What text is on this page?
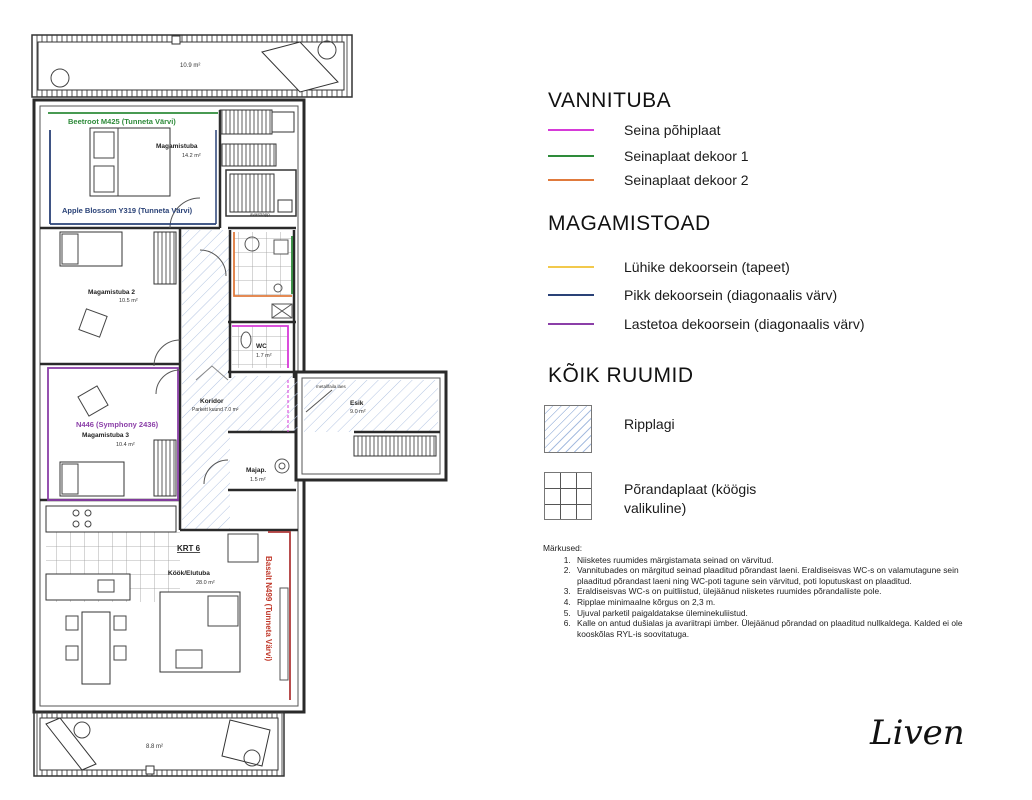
10.9 m²
Magamistuba
14.2 m²
Beetroot M425 (Tunneta Värvi)
Apple Blossom Y319 (Tunneta Värvi)	avastrapp
WC
1.7 m²
Magamistuba 2
10.5 m²
N446 (Symphony 2436)
Magamistuba 3
10.4 m²
Koridor
Parkett kuund 7.0 m²
metallfaila laes
Esik
9.0 m²
Majap.
1.5 m²
KRT 6
Köök/Elutuba
28.0 m²	Basalt N499 (Tunneta Värvi)
8.8 m²
VANNITUBA
Seina põhiplaat
Seinaplaat dekoor 1
Seinaplaat dekoor 2
MAGAMISTOAD
Lühike dekoorsein (tapeet)
Pikk dekoorsein (diagonaalis värv)
Lastetoa dekoorsein (diagonaalis värv)
KÕIK RUUMID
Ripplagi
Põrandaplaat (köögis valikuline)
Märkused:
1. Niisketes ruumides märgistamata seinad on värvitud.
2. Vannitubades on märgitud seinad plaaditud põrandast laeni. Eraldiseisvas WC-s on valamutagune sein plaaditud põrandast laeni ning WC-poti tagune sein värvitud, poti loputuskast on plaaditud.
3. Eraldiseisvas WC-s on puitliistud, ülejäänud niisketes ruumides põrandaliiste pole.
4. Ripplae minimaalne kõrgus on 2,3 m.
5. Ujuval parketil paigaldatakse üleminekuliistud.
6. Kalle on antud dušialas ja avariitrapi ümber. Ülejäänud põrandad on plaaditud nullkaldega. Kalded ei ole kooskõlas RYL-is soovitatuga.
Liven
